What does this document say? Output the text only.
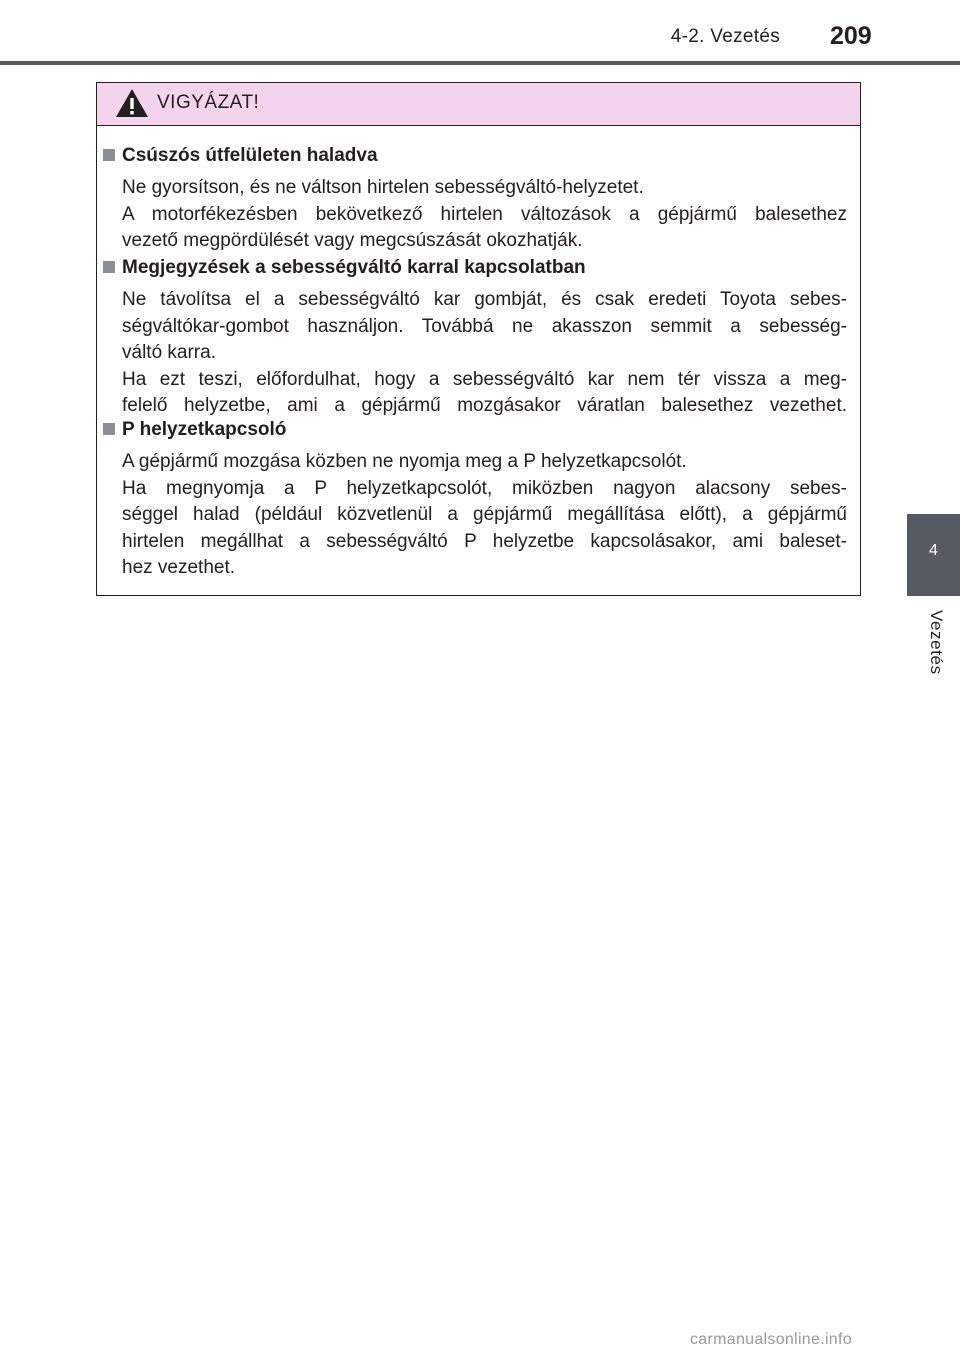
4-2. Vezetés 209
VIGYÁZAT!
Csúszós útfelületen haladva
Ne gyorsítson, és ne váltson hirtelen sebességváltó-helyzetet.
A motorfékezésben bekövetkező hirtelen változások a gépjármű balesethez
vezető megpördülését vagy megcsúszását okozhatják.
Megjegyzések a sebességváltó karral kapcsolatban
Ne távolítsa el a sebességváltó kar gombját, és csak eredeti Toyota sebes-
ségváltókar-gombot használjon. Továbbá ne akasszon semmit a sebesség-
váltó karra.
Ha ezt teszi, előfordulhat, hogy a sebességváltó kar nem tér vissza a meg-
felelő helyzetbe, ami a gépjármű mozgásakor váratlan balesethez vezethet.
P helyzetkapcsoló
A gépjármű mozgása közben ne nyomja meg a P helyzetkapcsolót.
Ha megnyomja a P helyzetkapcsolót, miközben nagyon alacsony sebes-
séggel halad (például közvetlenül a gépjármű megállítása előtt), a gépjármű
hirtelen megállhat a sebességváltó P helyzetbe kapcsolásakor, ami baleset-
hez vezethet.
4
Vezetés
carmanualsonline.info
